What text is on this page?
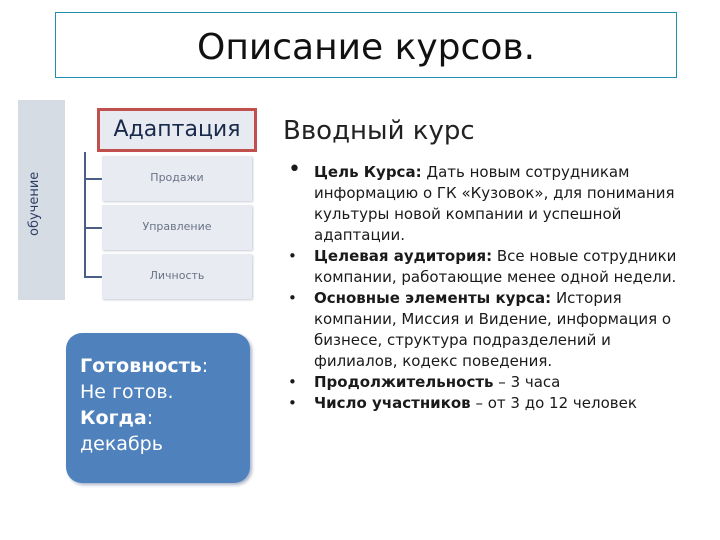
Описание курсов.
обучение
Адаптация
Продажи
Управление
Личность
Готовность:
Не готов.
Когда:
декабрь
Вводный курс
• Цель Курса: Дать новым сотрудникам информацию о ГК «Кузовок», для понимания культуры новой компании и успешной адаптации.
• Целевая аудитория: Все новые сотрудники компании, работающие менее одной недели.
• Основные элементы курса: История компании, Миссия и Видение, информация о бизнесе, структура подразделений и филиалов, кодекс поведения.
• Продолжительность – 3 часа
• Число участников – от 3 до 12 человек
